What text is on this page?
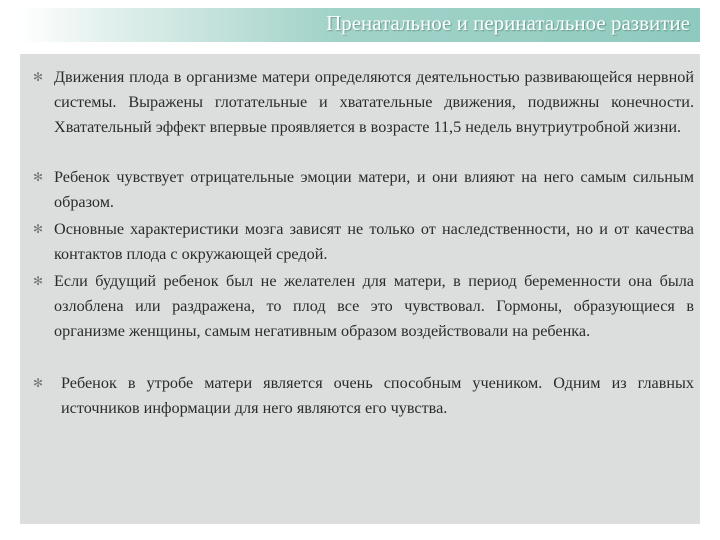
Пренатальное и перинатальное развитие
✻ Движения плода в организме матери определяются деятельностью развивающейся нервной системы. Выражены глотательные и хватательные движения, подвижны конечности. Хватательный эффект впервые проявляется в возрасте 11,5 недель внутриутробной жизни.
✻ Ребенок чувствует отрицательные эмоции матери, и они влияют на него самым сильным образом.
✻ Основные характеристики мозга зависят не только от наследственности, но и от качества контактов плода с окружающей средой.
✻ Если будущий ребенок был не желателен для матери, в период беременности она была озлоблена или раздражена, то плод все это чувствовал. Гормоны, образующиеся в организме женщины, самым негативным образом воздействовали на ребенка.
✻ Ребенок в утробе матери является очень способным учеником. Одним из главных источников информации для него являются его чувства.
